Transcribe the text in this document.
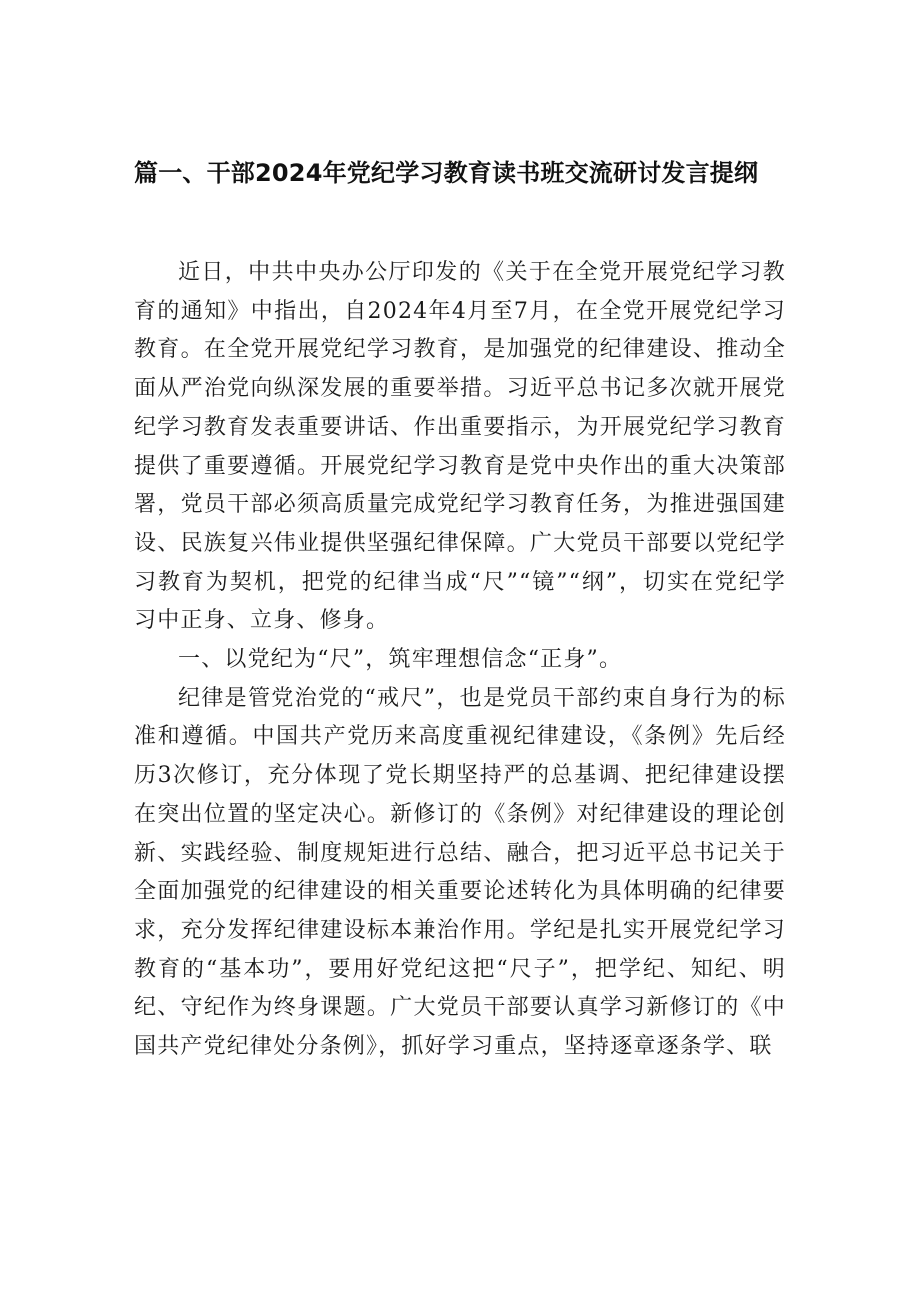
篇一、干部2024年党纪学习教育读书班交流研讨发言提纲

近日，中共中央办公厅印发的《关于在全党开展党纪学习教育的通知》中指出，自2024年4月至7月，在全党开展党纪学习教育。在全党开展党纪学习教育，是加强党的纪律建设、推动全面从严治党向纵深发展的重要举措。习近平总书记多次就开展党纪学习教育发表重要讲话、作出重要指示，为开展党纪学习教育提供了重要遵循。开展党纪学习教育是党中央作出的重大决策部署，党员干部必须高质量完成党纪学习教育任务，为推进强国建设、民族复兴伟业提供坚强纪律保障。广大党员干部要以党纪学习教育为契机，把党的纪律当成“尺”“镜”“纲”，切实在党纪学习中正身、立身、修身。

一、以党纪为“尺”，筑牢理想信念“正身”。

纪律是管党治党的“戒尺”，也是党员干部约束自身行为的标准和遵循。中国共产党历来高度重视纪律建设，《条例》先后经历3次修订，充分体现了党长期坚持严的总基调、把纪律建设摆在突出位置的坚定决心。新修订的《条例》对纪律建设的理论创新、实践经验、制度规矩进行总结、融合，把习近平总书记关于全面加强党的纪律建设的相关重要论述转化为具体明确的纪律要求，充分发挥纪律建设标本兼治作用。学纪是扎实开展党纪学习教育的“基本功”，要用好党纪这把“尺子”，把学纪、知纪、明纪、守纪作为终身课题。广大党员干部要认真学习新修订的《中国共产党纪律处分条例》，抓好学习重点，坚持逐章逐条学、联
